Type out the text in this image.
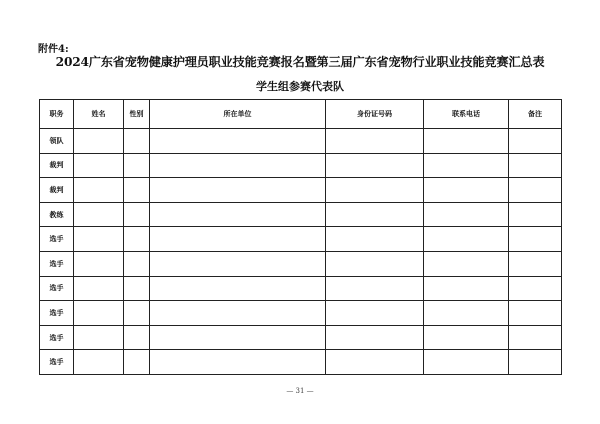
附件4:
2024广东省宠物健康护理员职业技能竞赛报名暨第三届广东省宠物行业职业技能竞赛汇总表
学生组参赛代表队
职务	姓名	性别	所在单位	身份证号码	联系电话	备注
领队						
裁判						
裁判						
教练						
选手						
选手						
选手						
选手						
选手						
选手						
— 31 —
